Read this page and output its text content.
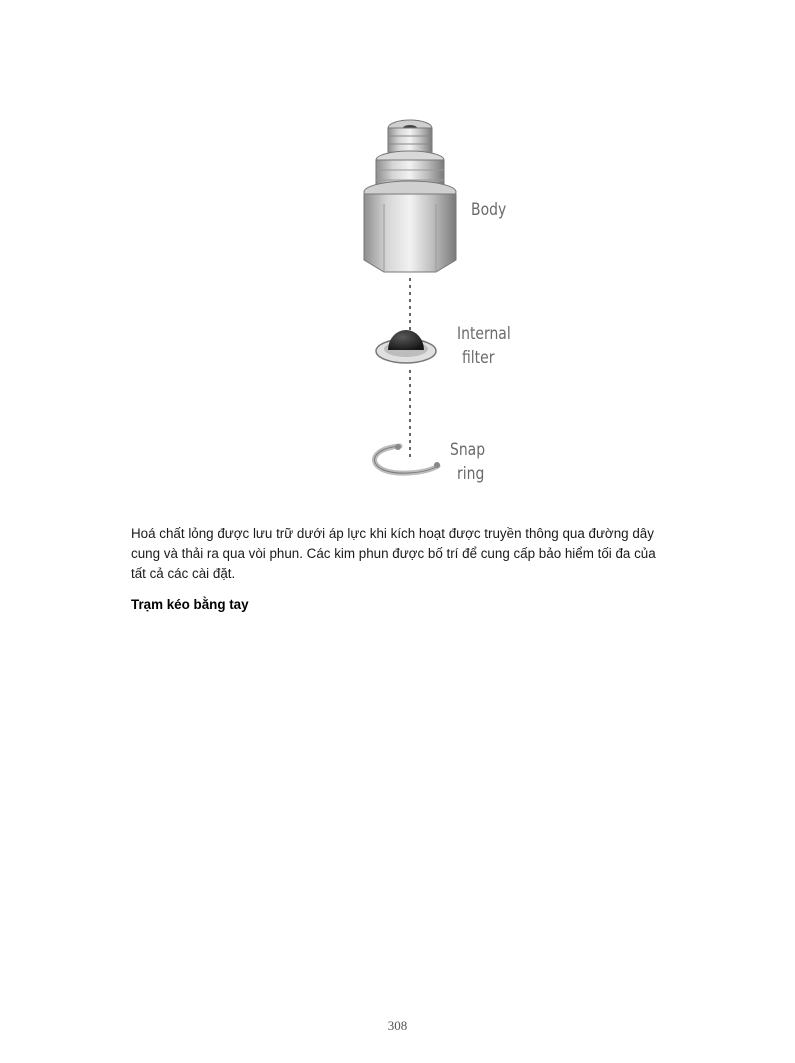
Body
Internal
filter
Snap
ring

Hoá chất lỏng được lưu trữ dưới áp lực khi kích hoạt được truyền thông qua đường dây cung và thải ra qua vòi phun. Các kim phun được bố trí để cung cấp bảo hiểm tối đa của tất cả các cài đặt.

Trạm kéo bằng tay
308
